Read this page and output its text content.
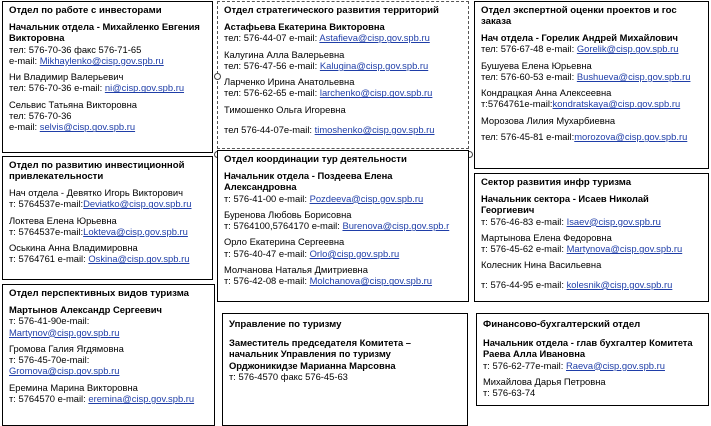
Отдел по работе с инвесторами
Начальник отдела - Михайленко Евгения Викторовна
тел: 576-70-36 факс 576-71-65
e-mail: Mikhaylenko@cisp.gov.spb.ru
Ни Владимир Валерьевич
тел: 576-70-36 e-mail: ni@cisp.gov.spb.ru
Сельвис Татьяна Викторовна
тел: 576-70-36
e-mail: selvis@cisp.gov.spb.ru
Отдел стратегического развития территорий
Астафьева Екатерина Викторовна
тел: 576-44-07 e-mail: Astafieva@cisp.gov.spb.ru
Калугина Алла Валерьевна
тел: 576-47-56 e-mail: Kalugina@cisp.gov.spb.ru
Ларченко Ирина Анатольевна
тел: 576-62-65 e-mail: larchenko@cisp.gov.spb.ru
Тимошенко Ольга Игоревна
тел 576-44-07e-mail: timoshenko@cisp.gov.spb.ru
Отдел экспертной оценки проектов и гос заказа
Нач отдела - Горелик Андрей Михайлович
тел: 576-67-48 e-mail: Gorelik@cisp.gov.spb.ru
Бушуева Елена Юрьевна
тел: 576-60-53 e-mail: Bushueva@cisp.gov.spb.ru
Кондрацкая Анна Алексеевна
т:5764761e-mail:kondratskaya@cisp.gov.spb.ru
Морозова Лилия Мухарбиевна
тел: 576-45-81 e-mail:morozova@cisp.gov.spb.ru
Отдел по развитию инвестиционной привлекательности
Нач отдела - Девятко Игорь Викторович
т: 5764537e-mail:Deviatko@cisp.gov.spb.ru
Локтева Елена Юрьевна
т: 5764537e-mail:Lokteva@cisp.gov.spb.ru
Оськина Анна Владимировна
т: 5764761 e-mail: Oskina@cisp.gov.spb.ru
Отдел координации тур деятельности
Начальник отдела - Поздеева Елена Александровна
т: 576-41-00 e-mail: Pozdeeva@cisp.gov.spb.ru
Буренова Любовь Борисовна
т: 5764100,5764170 e-mail: Burenova@cisp.gov.spb.r
Орло Екатерина Сергеевна
т: 576-40-47 e-mail: Orlo@cisp.gov.spb.ru
Молчанова Наталья Дмитриевна
т: 576-42-08 e-mail: Molchanova@cisp.gov.spb.ru
Сектор развития инфр туризма
Начальник сектора - Исаев Николай Георгиевич
т: 576-46-83 e-mail: Isaev@cisp.gov.spb.ru
Мартынова Елена Федоровна
т: 576-45-62 e-mail: Martynova@cisp.gov.spb.ru
Колесник Нина Васильевна
т: 576-44-95 e-mail: kolesnik@cisp.gov.spb.ru
Отдел перспективных видов туризма
Мартынов Александр Сергеевич
т: 576-41-90e-mail:
Martynov@cisp.gov.spb.ru
Громова Галия Ягдямовна
т: 576-45-70e-mail:
Gromova@cisp.gov.spb.ru
Еремина Марина Викторовна
т: 5764570 e-mail: eremina@cisp.gov.spb.ru
Управление по туризму
Заместитель председателя Комитета – начальник Управления по туризму Орджоникидзе Марианна Марсовна
т: 576-4570 факс 576-45-63
Финансово-бухгалтерский отдел
Начальник отдела - глав бухгалтер Комитета Раева Алла Ивановна
т: 576-62-77e-mail: Raeva@cisp.gov.spb.ru
Михайлова Дарья Петровна
т: 576-63-74
